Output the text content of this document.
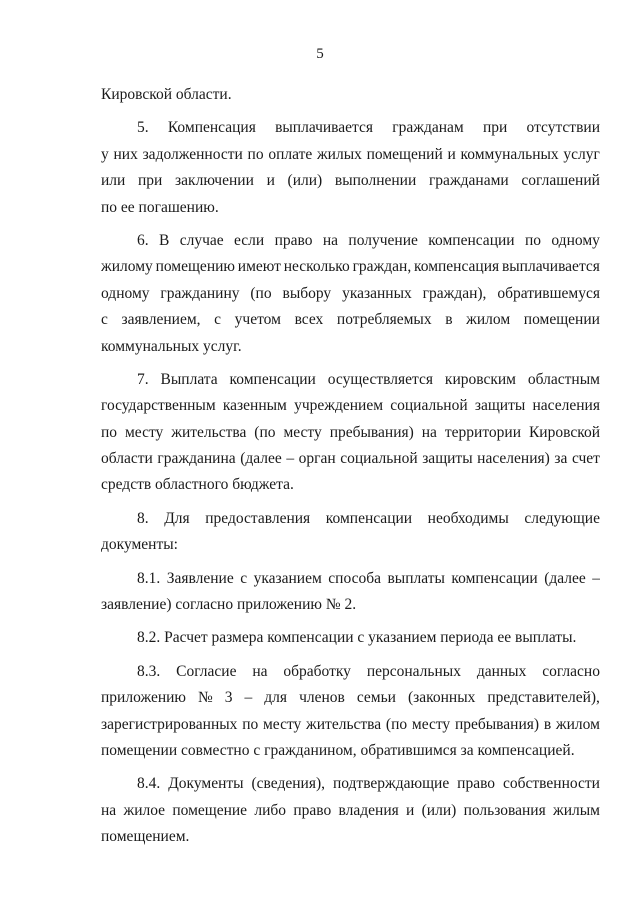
5
Кировской области.
5. Компенсация выплачивается гражданам при отсутствии
у них задолженности по оплате жилых помещений и коммунальных услуг
или при заключении и (или) выполнении гражданами соглашений
по ее погашению.
6. В случае если право на получение компенсации по одному
жилому помещению имеют несколько граждан, компенсация выплачивается
одному гражданину (по выбору указанных граждан), обратившемуся
с заявлением, с учетом всех потребляемых в жилом помещении
коммунальных услуг.
7. Выплата компенсации осуществляется кировским областным
государственным казенным учреждением социальной защиты населения
по месту жительства (по месту пребывания) на территории Кировской
области гражданина (далее – орган социальной защиты населения) за счет
средств областного бюджета.
8. Для предоставления компенсации необходимы следующие
документы:
8.1. Заявление с указанием способа выплаты компенсации (далее –
заявление) согласно приложению № 2.
8.2. Расчет размера компенсации с указанием периода ее выплаты.
8.3. Согласие на обработку персональных данных согласно
приложению № 3 – для членов семьи (законных представителей),
зарегистрированных по месту жительства (по месту пребывания) в жилом
помещении совместно с гражданином, обратившимся за компенсацией.
8.4. Документы (сведения), подтверждающие право собственности
на жилое помещение либо право владения и (или) пользования жилым
помещением.
